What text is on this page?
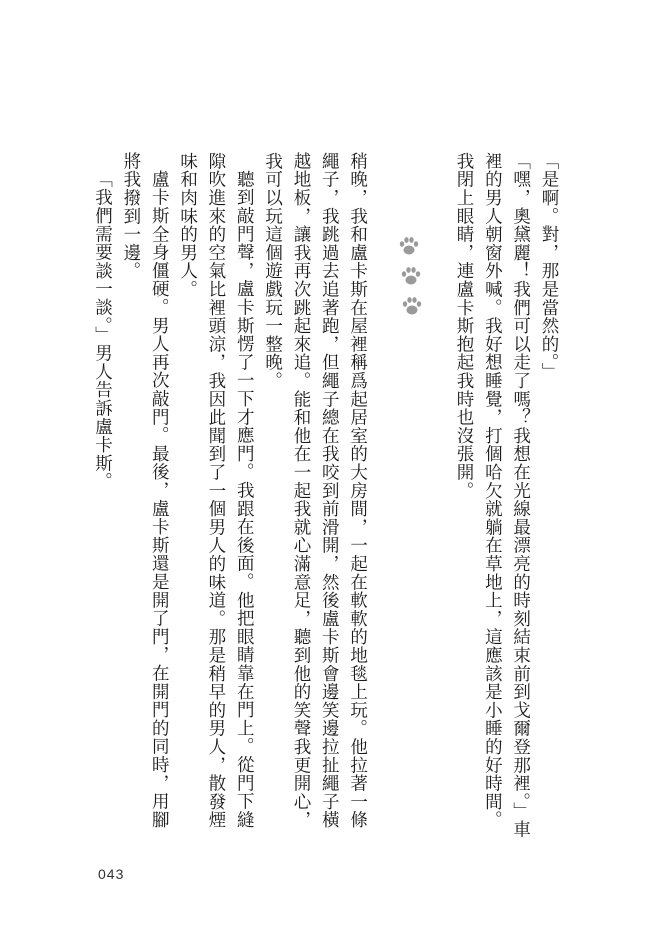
「是啊。對，那是當然的。」

「嘿，奧黛麗！我們可以走了嗎？我想在光線最漂亮的時刻結束前到戈爾登那裡。」車裡的男人朝窗外喊。我好想睡覺，打個哈欠就躺在草地上，這應該是小睡的好時間。我閉上眼睛，連盧卡斯抱起我時也沒張開。

稍晚，我和盧卡斯在屋裡稱爲起居室的大房間，一起在軟軟的地毯上玩。他拉著一條繩子，我跳過去追著跑，但繩子總在我咬到前滑開，然後盧卡斯會邊笑邊拉扯繩子橫越地板，讓我再次跳起來追。能和他在一起我就心滿意足，聽到他的笑聲我更開心，我可以玩這個遊戲玩一整晚。

聽到敲門聲，盧卡斯愣了一下才應門。我跟在後面。他把眼睛靠在門上。從門下縫隙吹進來的空氣比裡頭涼，我因此聞到了一個男人的味道。那是稍早的男人，散發煙味和肉味的男人。

盧卡斯全身僵硬。男人再次敲門。最後，盧卡斯還是開了門，在開門的同時，用腳將我撥到一邊。

「我們需要談一談。」男人告訴盧卡斯。

043
